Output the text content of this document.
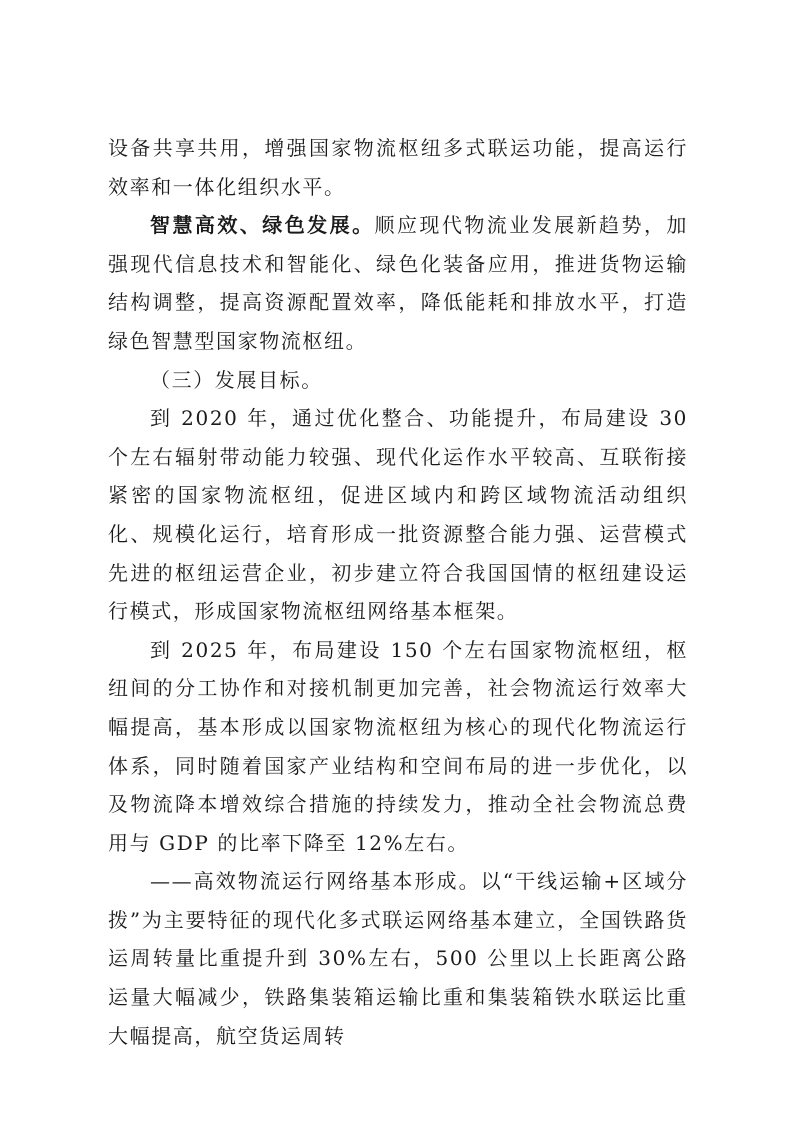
设备共享共用，增强国家物流枢纽多式联运功能，提高运行效率和一体化组织水平。

智慧高效、绿色发展。顺应现代物流业发展新趋势，加强现代信息技术和智能化、绿色化装备应用，推进货物运输结构调整，提高资源配置效率，降低能耗和排放水平，打造绿色智慧型国家物流枢纽。

（三）发展目标。

到 2020 年，通过优化整合、功能提升，布局建设 30 个左右辐射带动能力较强、现代化运作水平较高、互联衔接紧密的国家物流枢纽，促进区域内和跨区域物流活动组织化、规模化运行，培育形成一批资源整合能力强、运营模式先进的枢纽运营企业，初步建立符合我国国情的枢纽建设运行模式，形成国家物流枢纽网络基本框架。

到 2025 年，布局建设 150 个左右国家物流枢纽，枢纽间的分工协作和对接机制更加完善，社会物流运行效率大幅提高，基本形成以国家物流枢纽为核心的现代化物流运行体系，同时随着国家产业结构和空间布局的进一步优化，以及物流降本增效综合措施的持续发力，推动全社会物流总费用与 GDP 的比率下降至 12%左右。

——高效物流运行网络基本形成。以“干线运输+区域分拨”为主要特征的现代化多式联运网络基本建立，全国铁路货运周转量比重提升到 30%左右，500 公里以上长距离公路运量大幅减少，铁路集装箱运输比重和集装箱铁水联运比重大幅提高，航空货运周转
